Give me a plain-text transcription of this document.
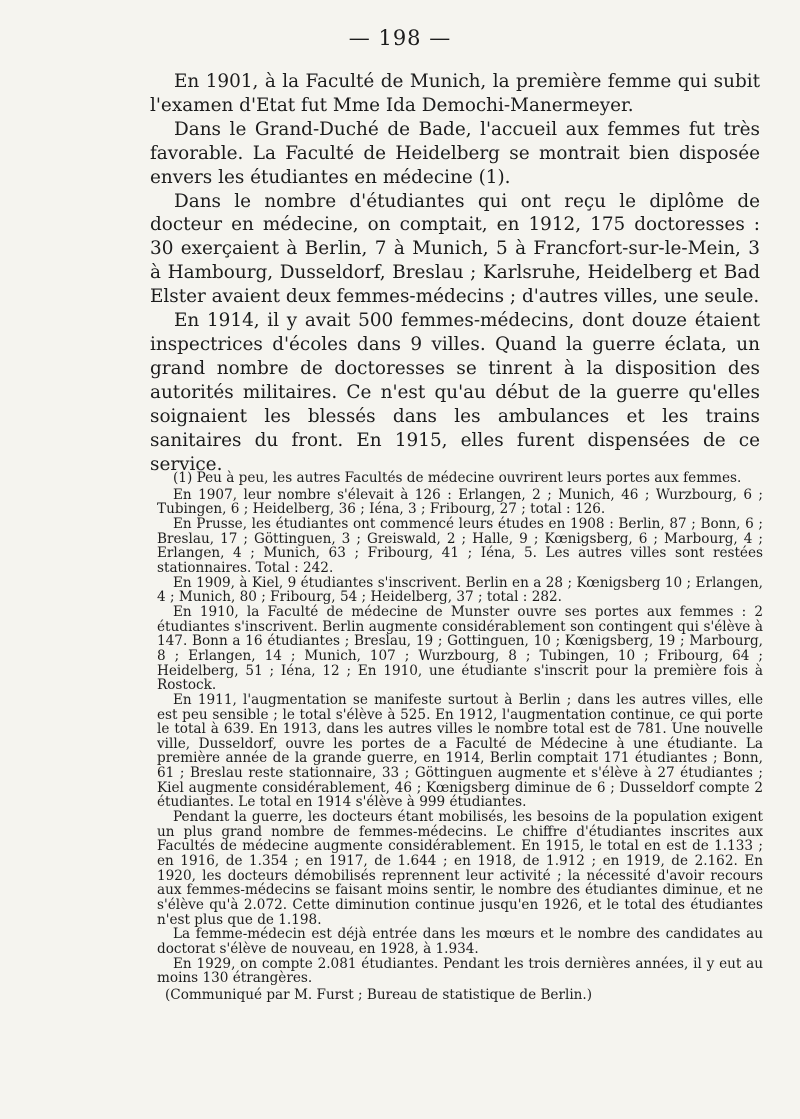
— 198 —

En 1901, à la Faculté de Munich, la première femme qui subit l'examen d'Etat fut Mme Ida Demochi-Manermeyer.

Dans le Grand-Duché de Bade, l'accueil aux femmes fut très favorable. La Faculté de Heidelberg se montrait bien disposée envers les étudiantes en médecine (1).

Dans le nombre d'étudiantes qui ont reçu le diplôme de docteur en médecine, on comptait, en 1912, 175 doctoresses : 30 exerçaient à Berlin, 7 à Munich, 5 à Francfort-sur-le-Mein, 3 à Hambourg, Dusseldorf, Breslau ; Karlsruhe, Heidelberg et Bad Elster avaient deux femmes-médecins ; d'autres villes, une seule.

En 1914, il y avait 500 femmes-médecins, dont douze étaient inspectrices d'écoles dans 9 villes. Quand la guerre éclata, un grand nombre de doctoresses se tinrent à la disposition des autorités militaires. Ce n'est qu'au début de la guerre qu'elles soignaient les blessés dans les ambulances et les trains sanitaires du front. En 1915, elles furent dispensées de ce service.

(1) Peu à peu, les autres Facultés de médecine ouvrirent leurs portes aux femmes.

En 1907, leur nombre s'élevait à 126 : Erlangen, 2 ; Munich, 46 ; Wurzbourg, 6 ; Tubingen, 6 ; Heidelberg, 36 ; Iéna, 3 ; Fribourg, 27 ; total : 126.

En Prusse, les étudiantes ont commencé leurs études en 1908 : Berlin, 87 ; Bonn, 6 ; Breslau, 17 ; Göttinguen, 3 ; Greiswald, 2 ; Halle, 9 ; Kœnigsberg, 6 ; Marbourg, 4 ; Erlangen, 4 ; Munich, 63 ; Fribourg, 41 ; Iéna, 5. Les autres villes sont restées stationnaires. Total : 242.

En 1909, à Kiel, 9 étudiantes s'inscrivent. Berlin en a 28 ; Kœnigsberg 10 ; Erlangen, 4 ; Munich, 80 ; Fribourg, 54 ; Heidelberg, 37 ; total : 282.

En 1910, la Faculté de médecine de Munster ouvre ses portes aux femmes : 2 étudiantes s'inscrivent. Berlin augmente considérablement son contingent qui s'élève à 147. Bonn a 16 étudiantes ; Breslau, 19 ; Gottinguen, 10 ; Kœnigsberg, 19 ; Marbourg, 8 ; Erlangen, 14 ; Munich, 107 ; Wurzbourg, 8 ; Tubingen, 10 ; Fribourg, 64 ; Heidelberg, 51 ; Iéna, 12 ; En 1910, une étudiante s'inscrit pour la première fois à Rostock.

En 1911, l'augmentation se manifeste surtout à Berlin ; dans les autres villes, elle est peu sensible ; le total s'élève à 525. En 1912, l'augmentation continue, ce qui porte le total à 639. En 1913, dans les autres villes le nombre total est de 781. Une nouvelle ville, Dusseldorf, ouvre les portes de a Faculté de Médecine à une étudiante. La première année de la grande guerre, en 1914, Berlin comptait 171 étudiantes ; Bonn, 61 ; Breslau reste stationnaire, 33 ; Göttinguen augmente et s'élève à 27 étudiantes ; Kiel augmente considérablement, 46 ; Kœnigsberg diminue de 6 ; Dusseldorf compte 2 étudiantes. Le total en 1914 s'élève à 999 étudiantes.

Pendant la guerre, les docteurs étant mobilisés, les besoins de la population exigent un plus grand nombre de femmes-médecins. Le chiffre d'étudiantes inscrites aux Facultés de médecine augmente considérablement. En 1915, le total en est de 1.133 ; en 1916, de 1.354 ; en 1917, de 1.644 ; en 1918, de 1.912 ; en 1919, de 2.162. En 1920, les docteurs démobilisés reprennent leur activité ; la nécessité d'avoir recours aux femmes-médecins se faisant moins sentir, le nombre des étudiantes diminue, et ne s'élève qu'à 2.072. Cette diminution continue jusqu'en 1926, et le total des étudiantes n'est plus que de 1.198.

La femme-médecin est déjà entrée dans les mœurs et le nombre des candidates au doctorat s'élève de nouveau, en 1928, à 1.934.

En 1929, on compte 2.081 étudiantes. Pendant les trois dernières années, il y eut au moins 130 étrangères.

(Communiqué par M. Furst ; Bureau de statistique de Berlin.)
